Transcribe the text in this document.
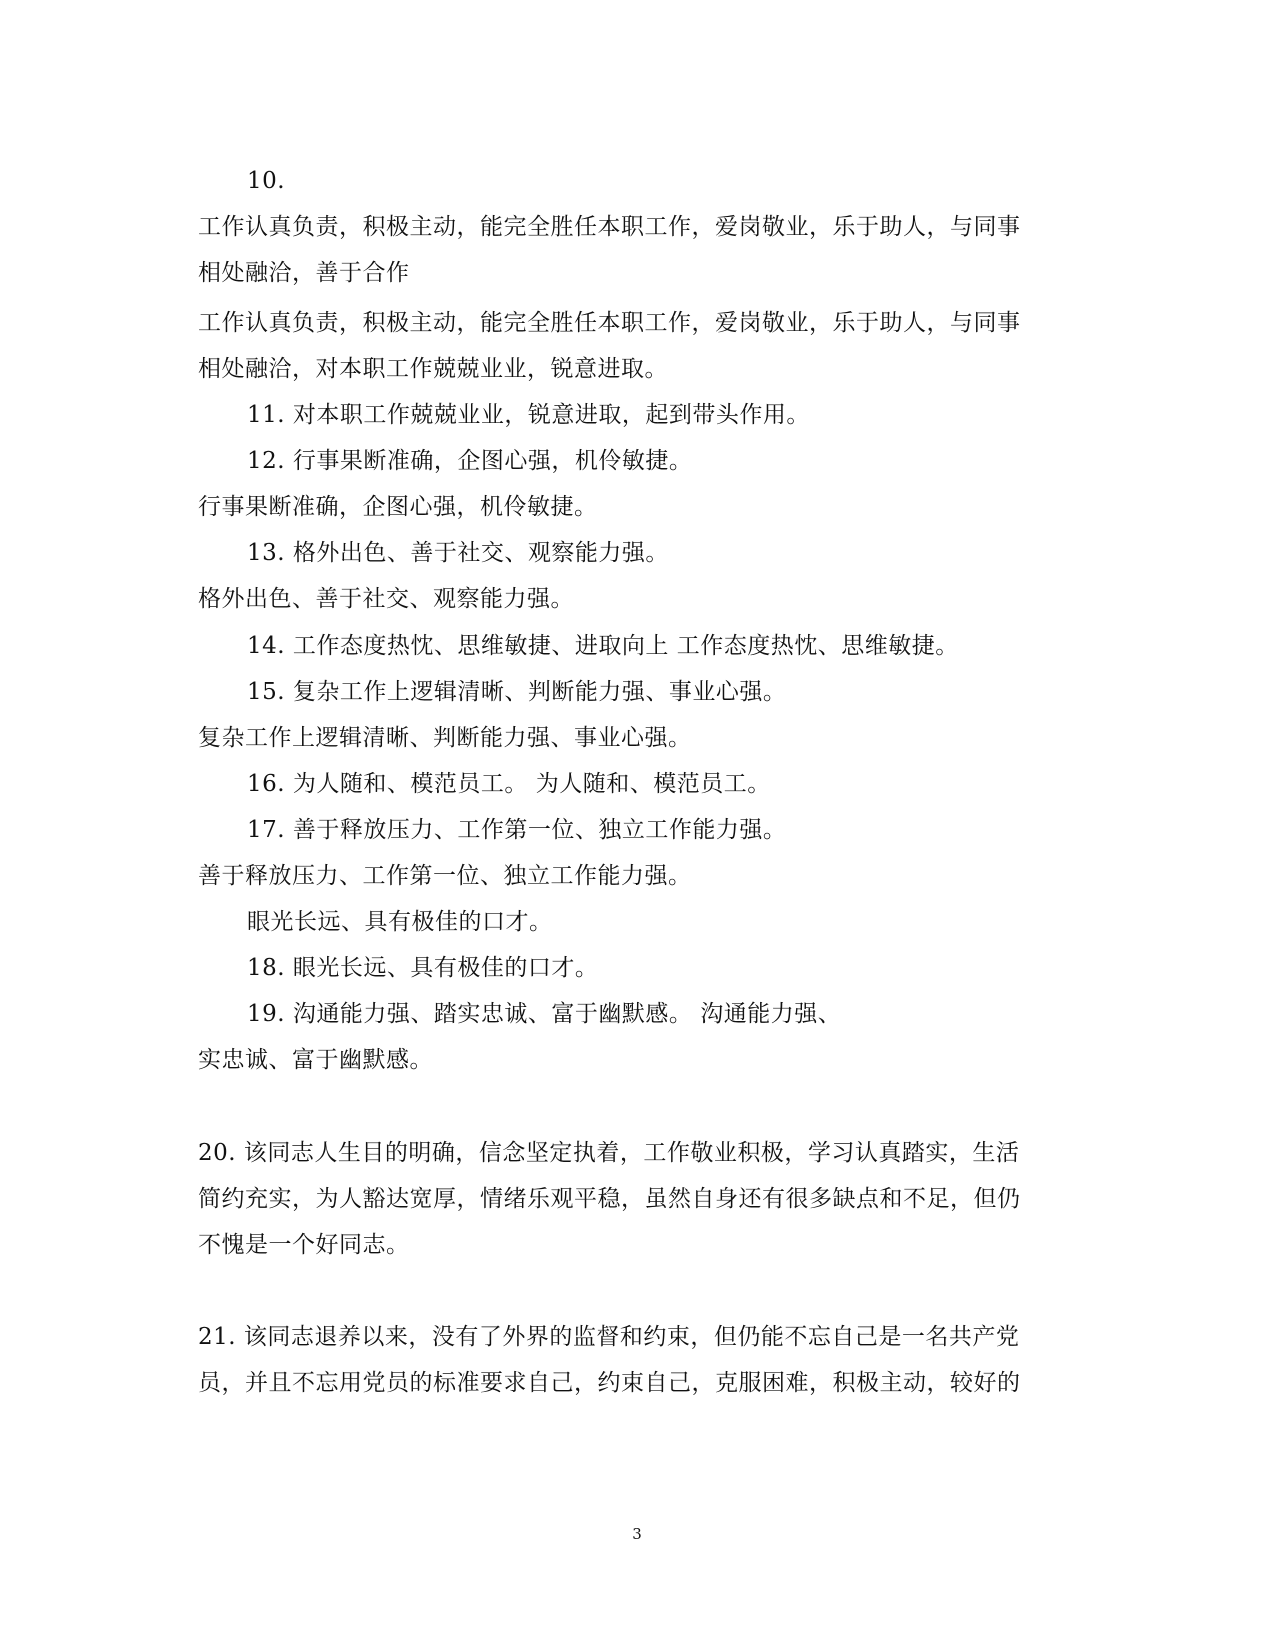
10.
工作认真负责，积极主动，能完全胜任本职工作，爱岗敬业，乐于助人，与同事
相处融洽，善于合作
工作认真负责，积极主动，能完全胜任本职工作，爱岗敬业，乐于助人，与同事
相处融洽，对本职工作兢兢业业，锐意进取。
11. 对本职工作兢兢业业，锐意进取，起到带头作用。
12. 行事果断准确，企图心强，机伶敏捷。
行事果断准确，企图心强，机伶敏捷。
13. 格外出色、善于社交、观察能力强。
格外出色、善于社交、观察能力强。
14. 工作态度热忱、思维敏捷、进取向上 工作态度热忱、思维敏捷。
15. 复杂工作上逻辑清晰、判断能力强、事业心强。
复杂工作上逻辑清晰、判断能力强、事业心强。
16. 为人随和、模范员工。 为人随和、模范员工。
17. 善于释放压力、工作第一位、独立工作能力强。
善于释放压力、工作第一位、独立工作能力强。
眼光长远、具有极佳的口才。
18. 眼光长远、具有极佳的口才。
19. 沟通能力强、踏实忠诚、富于幽默感。 沟通能力强、
实忠诚、富于幽默感。
20. 该同志人生目的明确，信念坚定执着，工作敬业积极，学习认真踏实，生活
简约充实，为人豁达宽厚，情绪乐观平稳，虽然自身还有很多缺点和不足，但仍
不愧是一个好同志。
21. 该同志退养以来，没有了外界的监督和约束，但仍能不忘自己是一名共产党
员，并且不忘用党员的标准要求自己，约束自己，克服困难，积极主动，较好的
3
